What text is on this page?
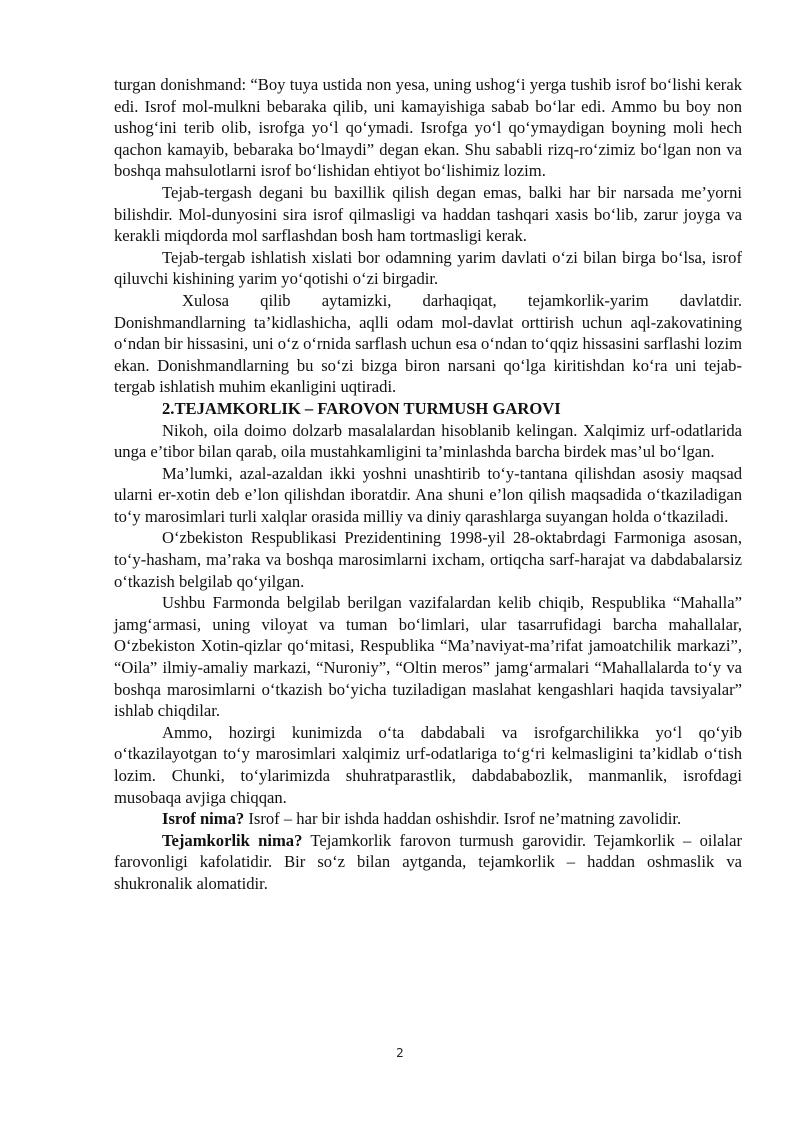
turgan donishmand: “Boy tuya ustida non yesa, uning ushog‘i yerga tushib isrof bo‘lishi kerak edi. Isrof mol-mulkni bebaraka qilib, uni kamayishiga sabab bo‘lar edi. Ammo bu boy non ushog‘ini terib olib, isrofga yo‘l qo‘ymadi. Isrofga yo‘l qo‘ymaydigan boyning moli hech qachon kamayib, bebaraka bo‘lmaydi” degan ekan. Shu sababli rizq-ro‘zimiz bo‘lgan non va boshqa mahsulotlarni isrof bo‘lishidan ehtiyot bo‘lishimiz lozim.

Tejab-tergash degani bu baxillik qilish degan emas, balki har bir narsada me’yorni bilishdir. Mol-dunyosini sira isrof qilmasligi va haddan tashqari xasis bo‘lib, zarur joyga va kerakli miqdorda mol sarflashdan bosh ham tortmasligi kerak.

Tejab-tergab ishlatish xislati bor odamning yarim davlati o‘zi bilan birga bo‘lsa, isrof qiluvchi kishining yarim yo‘qotishi o‘zi birgadir.

Xulosa qilib aytamizki, darhaqiqat, tejamkorlik-yarim davlatdir. Donishmandlarning ta’kidlashicha, aqlli odam mol-davlat orttirish uchun aql-zakovatining o‘ndan bir hissasini, uni o‘z o‘rnida sarflash uchun esa o‘ndan to‘qqiz hissasini sarflashi lozim ekan. Donishmandlarning bu so‘zi bizga biron narsani qo‘lga kiritishdan ko‘ra uni tejab-tergab ishlatish muhim ekanligini uqtiradi.

2.TEJAMKORLIK – FAROVON TURMUSH GAROVI

Nikoh, oila doimo dolzarb masalalardan hisoblanib kelingan. Xalqimiz urf-odatlarida unga e’tibor bilan qarab, oila mustahkamligini ta’minlashda barcha birdek mas’ul bo‘lgan.

Ma’lumki, azal-azaldan ikki yoshni unashtirib to‘y-tantana qilishdan asosiy maqsad ularni er-xotin deb e’lon qilishdan iboratdir. Ana shuni e’lon qilish maqsadida o‘tkaziladigan to‘y marosimlari turli xalqlar orasida milliy va diniy qarashlarga suyangan holda o‘tkaziladi.

O‘zbekiston Respublikasi Prezidentining 1998-yil 28-oktabrdagi Farmoniga asosan, to‘y-hasham, ma’raka va boshqa marosimlarni ixcham, ortiqcha sarf-harajat va dabdabalarsiz o‘tkazish belgilab qo‘yilgan.

Ushbu Farmonda belgilab berilgan vazifalardan kelib chiqib, Respublika “Mahalla” jamg‘armasi, uning viloyat va tuman bo‘limlari, ular tasarrufidagi barcha mahallalar, O‘zbekiston Xotin-qizlar qo‘mitasi, Respublika “Ma’naviyat-ma’rifat jamoatchilik markazi”, “Oila” ilmiy-amaliy markazi, “Nuroniy”, “Oltin meros” jamg‘armalari “Mahallalarda to‘y va boshqa marosimlarni o‘tkazish bo‘yicha tuziladigan maslahat kengashlari haqida tavsiyalar” ishlab chiqdilar.

Ammo, hozirgi kunimizda o‘ta dabdabali va isrofgarchilikka yo‘l qo‘yib o‘tkazilayotgan to‘y marosimlari xalqimiz urf-odatlariga to‘g‘ri kelmasligini ta’kidlab o‘tish lozim. Chunki, to‘ylarimizda shuhratparastlik, dabdababozlik, manmanlik, isrofdagi musobaqa avjiga chiqqan.

Isrof nima? Isrof – har bir ishda haddan oshishdir. Isrof ne’matning zavolidir.

Tejamkorlik nima? Tejamkorlik farovon turmush garovidir. Tejamkorlik – oilalar farovonligi kafolatidir. Bir so‘z bilan aytganda, tejamkorlik – haddan oshmaslik va shukronalik alomatidir.

2
